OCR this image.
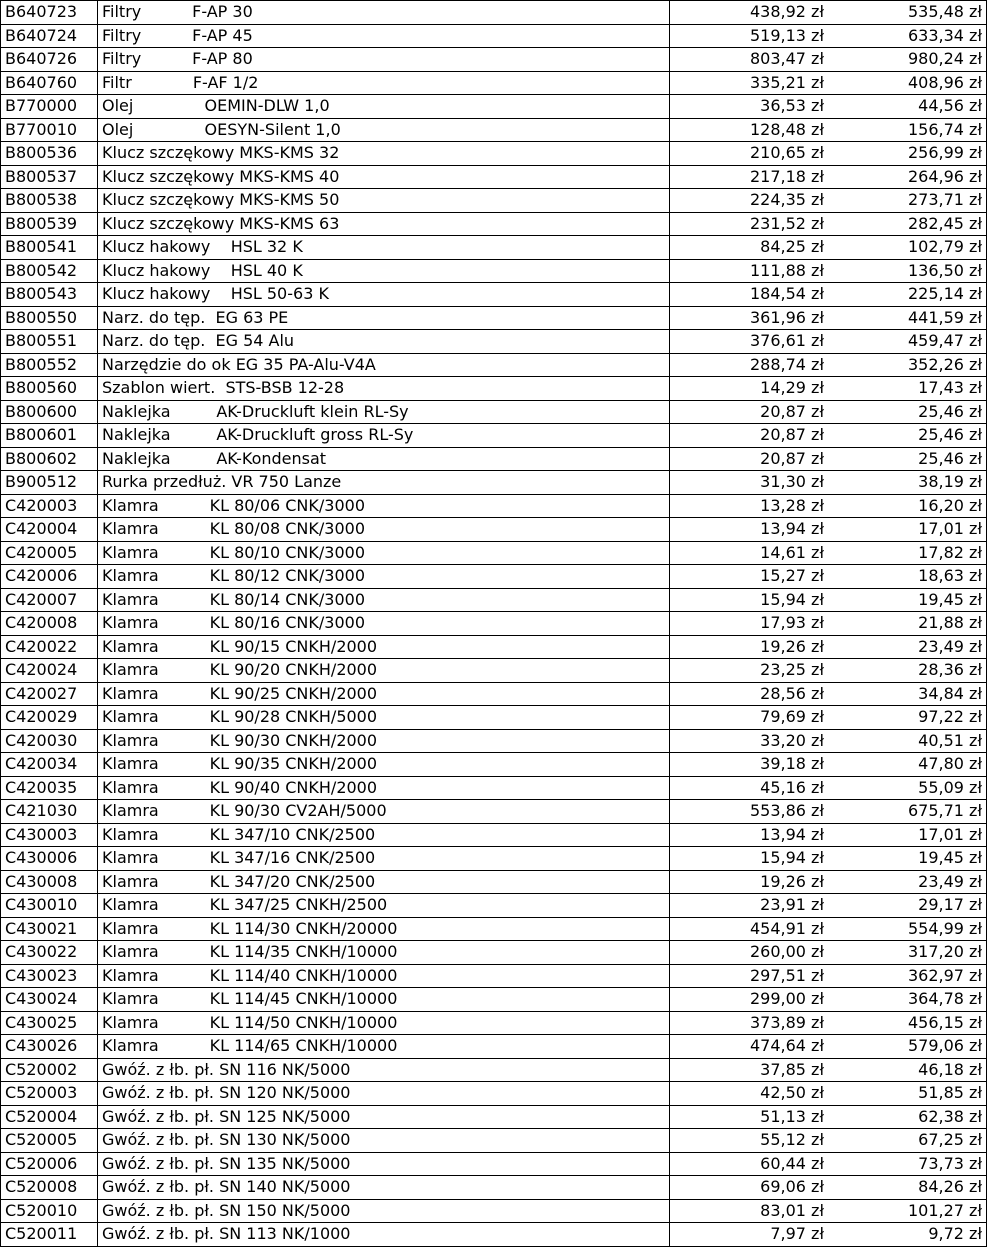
B640723	Filtry          F-AP 30	438,92 zł	535,48 zł
B640724	Filtry          F-AP 45	519,13 zł	633,34 zł
B640726	Filtry          F-AP 80	803,47 zł	980,24 zł
B640760	Filtr            F-AF 1/2	335,21 zł	408,96 zł
B770000	Olej              OEMIN-DLW 1,0	36,53 zł	44,56 zł
B770010	Olej              OESYN-Silent 1,0	128,48 zł	156,74 zł
B800536	Klucz szczękowy MKS-KMS 32	210,65 zł	256,99 zł
B800537	Klucz szczękowy MKS-KMS 40	217,18 zł	264,96 zł
B800538	Klucz szczękowy MKS-KMS 50	224,35 zł	273,71 zł
B800539	Klucz szczękowy MKS-KMS 63	231,52 zł	282,45 zł
B800541	Klucz hakowy    HSL 32 K	84,25 zł	102,79 zł
B800542	Klucz hakowy    HSL 40 K	111,88 zł	136,50 zł
B800543	Klucz hakowy    HSL 50-63 K	184,54 zł	225,14 zł
B800550	Narz. do tęp.  EG 63 PE	361,96 zł	441,59 zł
B800551	Narz. do tęp.  EG 54 Alu	376,61 zł	459,47 zł
B800552	Narzędzie do ok EG 35 PA-Alu-V4A	288,74 zł	352,26 zł
B800560	Szablon wiert.  STS-BSB 12-28	14,29 zł	17,43 zł
B800600	Naklejka         AK-Druckluft klein RL-Sy	20,87 zł	25,46 zł
B800601	Naklejka         AK-Druckluft gross RL-Sy	20,87 zł	25,46 zł
B800602	Naklejka         AK-Kondensat	20,87 zł	25,46 zł
B900512	Rurka przedłuż. VR 750 Lanze	31,30 zł	38,19 zł
C420003	Klamra          KL 80/06 CNK/3000	13,28 zł	16,20 zł
C420004	Klamra          KL 80/08 CNK/3000	13,94 zł	17,01 zł
C420005	Klamra          KL 80/10 CNK/3000	14,61 zł	17,82 zł
C420006	Klamra          KL 80/12 CNK/3000	15,27 zł	18,63 zł
C420007	Klamra          KL 80/14 CNK/3000	15,94 zł	19,45 zł
C420008	Klamra          KL 80/16 CNK/3000	17,93 zł	21,88 zł
C420022	Klamra          KL 90/15 CNKH/2000	19,26 zł	23,49 zł
C420024	Klamra          KL 90/20 CNKH/2000	23,25 zł	28,36 zł
C420027	Klamra          KL 90/25 CNKH/2000	28,56 zł	34,84 zł
C420029	Klamra          KL 90/28 CNKH/5000	79,69 zł	97,22 zł
C420030	Klamra          KL 90/30 CNKH/2000	33,20 zł	40,51 zł
C420034	Klamra          KL 90/35 CNKH/2000	39,18 zł	47,80 zł
C420035	Klamra          KL 90/40 CNKH/2000	45,16 zł	55,09 zł
C421030	Klamra          KL 90/30 CV2AH/5000	553,86 zł	675,71 zł
C430003	Klamra          KL 347/10 CNK/2500	13,94 zł	17,01 zł
C430006	Klamra          KL 347/16 CNK/2500	15,94 zł	19,45 zł
C430008	Klamra          KL 347/20 CNK/2500	19,26 zł	23,49 zł
C430010	Klamra          KL 347/25 CNKH/2500	23,91 zł	29,17 zł
C430021	Klamra          KL 114/30 CNKH/20000	454,91 zł	554,99 zł
C430022	Klamra          KL 114/35 CNKH/10000	260,00 zł	317,20 zł
C430023	Klamra          KL 114/40 CNKH/10000	297,51 zł	362,97 zł
C430024	Klamra          KL 114/45 CNKH/10000	299,00 zł	364,78 zł
C430025	Klamra          KL 114/50 CNKH/10000	373,89 zł	456,15 zł
C430026	Klamra          KL 114/65 CNKH/10000	474,64 zł	579,06 zł
C520002	Gwóź. z łb. pł. SN 116 NK/5000	37,85 zł	46,18 zł
C520003	Gwóź. z łb. pł. SN 120 NK/5000	42,50 zł	51,85 zł
C520004	Gwóź. z łb. pł. SN 125 NK/5000	51,13 zł	62,38 zł
C520005	Gwóź. z łb. pł. SN 130 NK/5000	55,12 zł	67,25 zł
C520006	Gwóź. z łb. pł. SN 135 NK/5000	60,44 zł	73,73 zł
C520008	Gwóź. z łb. pł. SN 140 NK/5000	69,06 zł	84,26 zł
C520010	Gwóź. z łb. pł. SN 150 NK/5000	83,01 zł	101,27 zł
C520011	Gwóź. z łb. pł. SN 113 NK/1000	7,97 zł	9,72 zł
